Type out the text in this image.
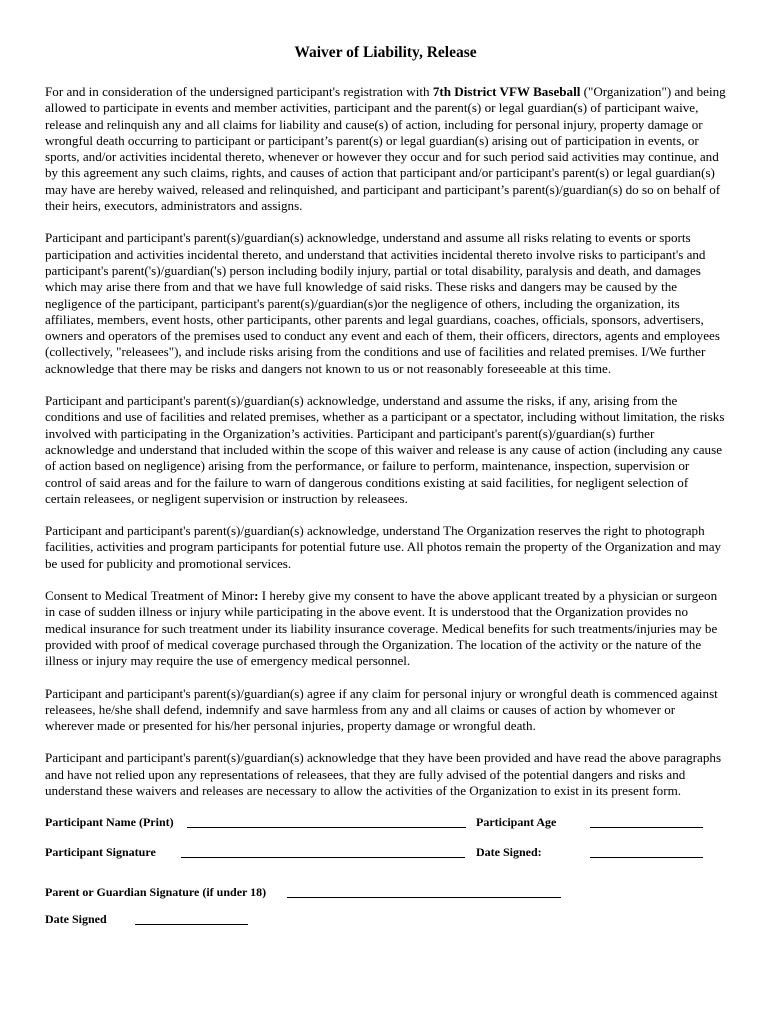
Waiver of Liability, Release

For and in consideration of the undersigned participant's registration with 7th District VFW Baseball ("Organization") and being allowed to participate in events and member activities, participant and the parent(s) or legal guardian(s) of participant waive, release and relinquish any and all claims for liability and cause(s) of action, including for personal injury, property damage or wrongful death occurring to participant or participant’s parent(s) or legal guardian(s) arising out of participation in events, or sports, and/or activities incidental thereto, whenever or however they occur and for such period said activities may continue, and by this agreement any such claims, rights, and causes of action that participant and/or participant's parent(s) or legal guardian(s) may have are hereby waived, released and relinquished, and participant and participant’s parent(s)/guardian(s) do so on behalf of their heirs, executors, administrators and assigns.

Participant and participant's parent(s)/guardian(s) acknowledge, understand and assume all risks relating to events or sports participation and activities incidental thereto, and understand that activities incidental thereto involve risks to participant's and participant's parent('s)/guardian('s) person including bodily injury, partial or total disability, paralysis and death, and damages which may arise there from and that we have full knowledge of said risks. These risks and dangers may be caused by the negligence of the participant, participant's parent(s)/guardian(s)or the negligence of others, including the organization, its affiliates, members, event hosts, other participants, other parents and legal guardians, coaches, officials, sponsors, advertisers, owners and operators of the premises used to conduct any event and each of them, their officers, directors, agents and employees (collectively, "releasees"), and include risks arising from the conditions and use of facilities and related premises. I/We further acknowledge that there may be risks and dangers not known to us or not reasonably foreseeable at this time.

Participant and participant's parent(s)/guardian(s) acknowledge, understand and assume the risks, if any, arising from the conditions and use of facilities and related premises, whether as a participant or a spectator, including without limitation, the risks involved with participating in the Organization’s activities. Participant and participant's parent(s)/guardian(s) further acknowledge and understand that included within the scope of this waiver and release is any cause of action (including any cause of action based on negligence) arising from the performance, or failure to perform, maintenance, inspection, supervision or control of said areas and for the failure to warn of dangerous conditions existing at said facilities, for negligent selection of certain releasees, or negligent supervision or instruction by releasees.

Participant and participant's parent(s)/guardian(s) acknowledge, understand The Organization reserves the right to photograph facilities, activities and program participants for potential future use. All photos remain the property of the Organization and may be used for publicity and promotional services.

Consent to Medical Treatment of Minor: I hereby give my consent to have the above applicant treated by a physician or surgeon in case of sudden illness or injury while participating in the above event. It is understood that the Organization provides no medical insurance for such treatment under its liability insurance coverage. Medical benefits for such treatments/injuries may be provided with proof of medical coverage purchased through the Organization. The location of the activity or the nature of the illness or injury may require the use of emergency medical personnel.

Participant and participant's parent(s)/guardian(s) agree if any claim for personal injury or wrongful death is commenced against releasees, he/she shall defend, indemnify and save harmless from any and all claims or causes of action by whomever or wherever made or presented for his/her personal injuries, property damage or wrongful death.

Participant and participant's parent(s)/guardian(s) acknowledge that they have been provided and have read the above paragraphs and have not relied upon any representations of releasees, that they are fully advised of the potential dangers and risks and understand these waivers and releases are necessary to allow the activities of the Organization to exist in its present form.

Participant Name (Print)	Participant Age
Participant Signature	Date Signed:
Parent or Guardian Signature (if under 18)
Date Signed
